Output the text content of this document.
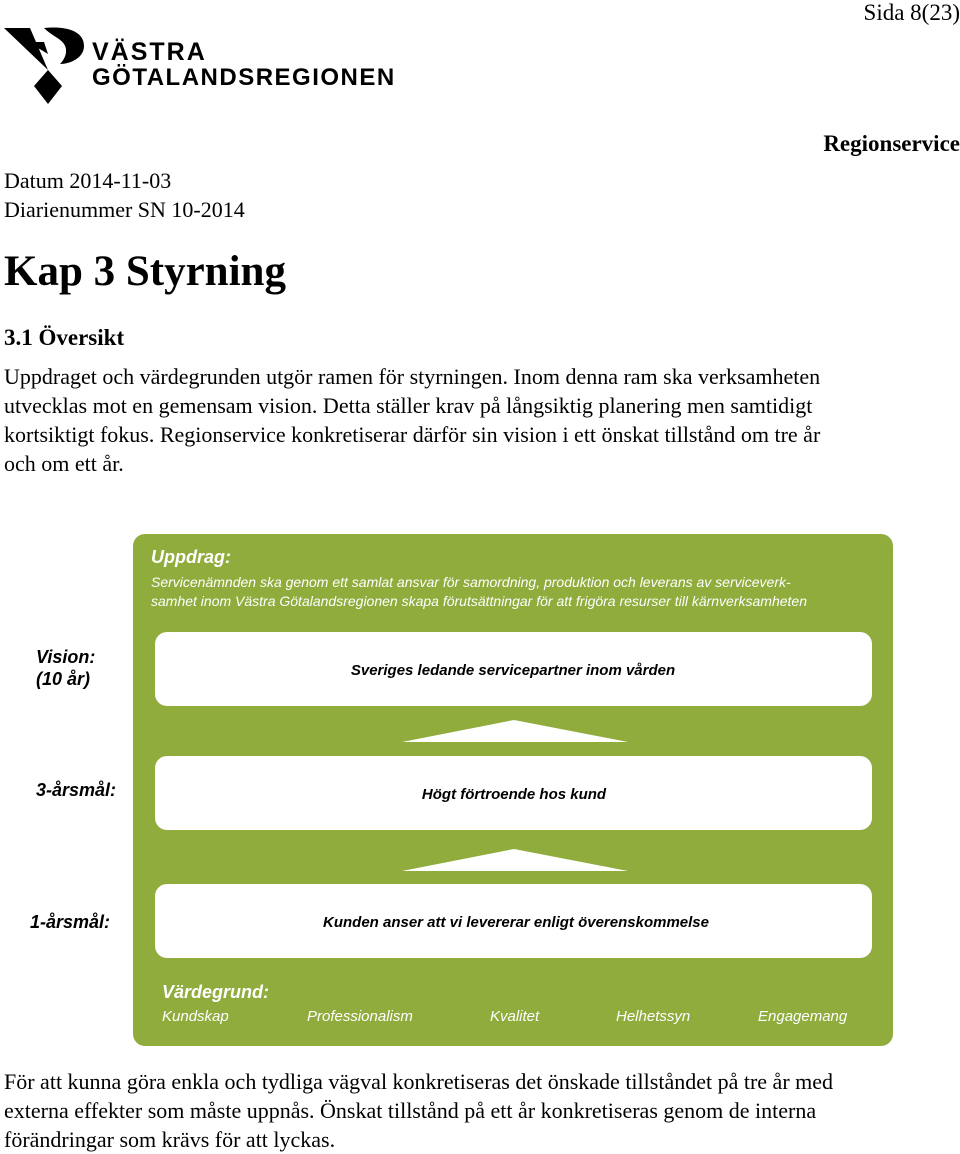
Sida 8(23)
VÄSTRA
GÖTALANDSREGIONEN
Regionservice
Datum 2014-11-03
Diarienummer SN 10-2014
Kap 3 Styrning
3.1 Översikt
Uppdraget och värdegrunden utgör ramen för styrningen. Inom denna ram ska verksamheten
utvecklas mot en gemensam vision. Detta ställer krav på långsiktig planering men samtidigt
kortsiktigt fokus. Regionservice konkretiserar därför sin vision i ett önskat tillstånd om tre år
och om ett år.
Uppdrag:
Servicenämnden ska genom ett samlat ansvar för samordning, produktion och leverans av serviceverk-
samhet inom Västra Götalandsregionen skapa förutsättningar för att frigöra resurser till kärnverksamheten
Vision:
(10 år)	Sveriges ledande servicepartner inom vården
3-årsmål:	Högt förtroende hos kund
1-årsmål:	Kunden anser att vi levererar enligt överenskommelse
Värdegrund:
Kundskap	Professionalism	Kvalitet	Helhetssyn	Engagemang
För att kunna göra enkla och tydliga vägval konkretiseras det önskade tillståndet på tre år med
externa effekter som måste uppnås. Önskat tillstånd på ett år konkretiseras genom de interna
förändringar som krävs för att lyckas.
